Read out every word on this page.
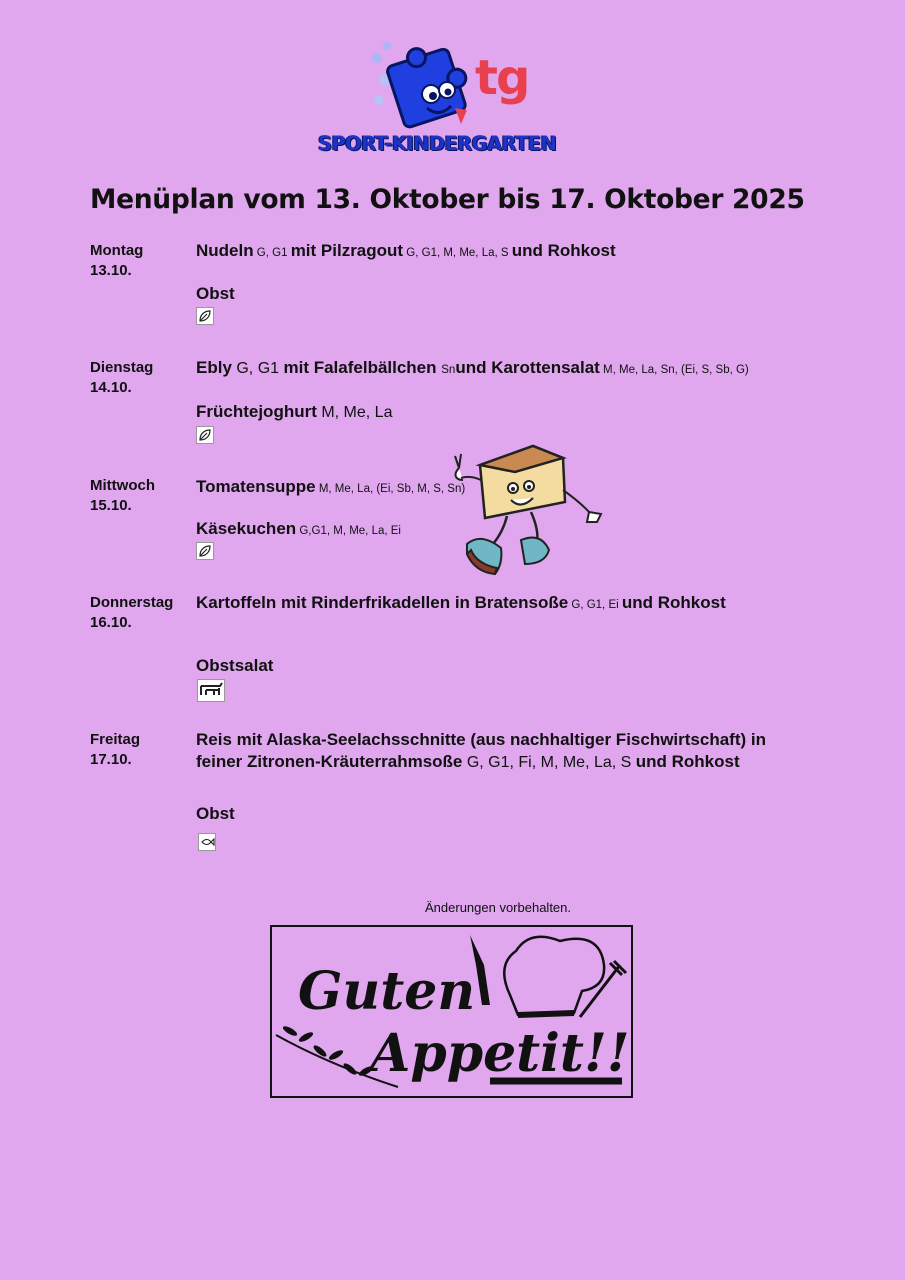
tg
SPORT-KINDERGARTEN
Menüplan vom 13. Oktober bis 17. Oktober 2025
Montag
13.10.
Nudeln G, G1 mit Pilzragout G, G1, M, Me, La, S und Rohkost
Obst
Dienstag
14.10.
Ebly G, G1 mit Falafelbällchen Snund Karottensalat M, Me, La, Sn, (Ei, S, Sb, G)
Früchtejoghurt M, Me, La
Mittwoch
15.10.
Tomatensuppe M, Me, La, (Ei, Sb, M, S, Sn)
Käsekuchen G,G1, M, Me, La, Ei
Donnerstag
16.10.
Kartoffeln mit Rinderfrikadellen in Bratensoße G, G1, Ei und Rohkost
Obstsalat
Freitag
17.10.
Reis mit Alaska-Seelachsschnitte (aus nachhaltiger Fischwirtschaft) in
feiner Zitronen-Kräuterrahmsoße G, G1, Fi, M, Me, La, S und Rohkost
Obst
Änderungen vorbehalten.
Guten
Appetit!!
